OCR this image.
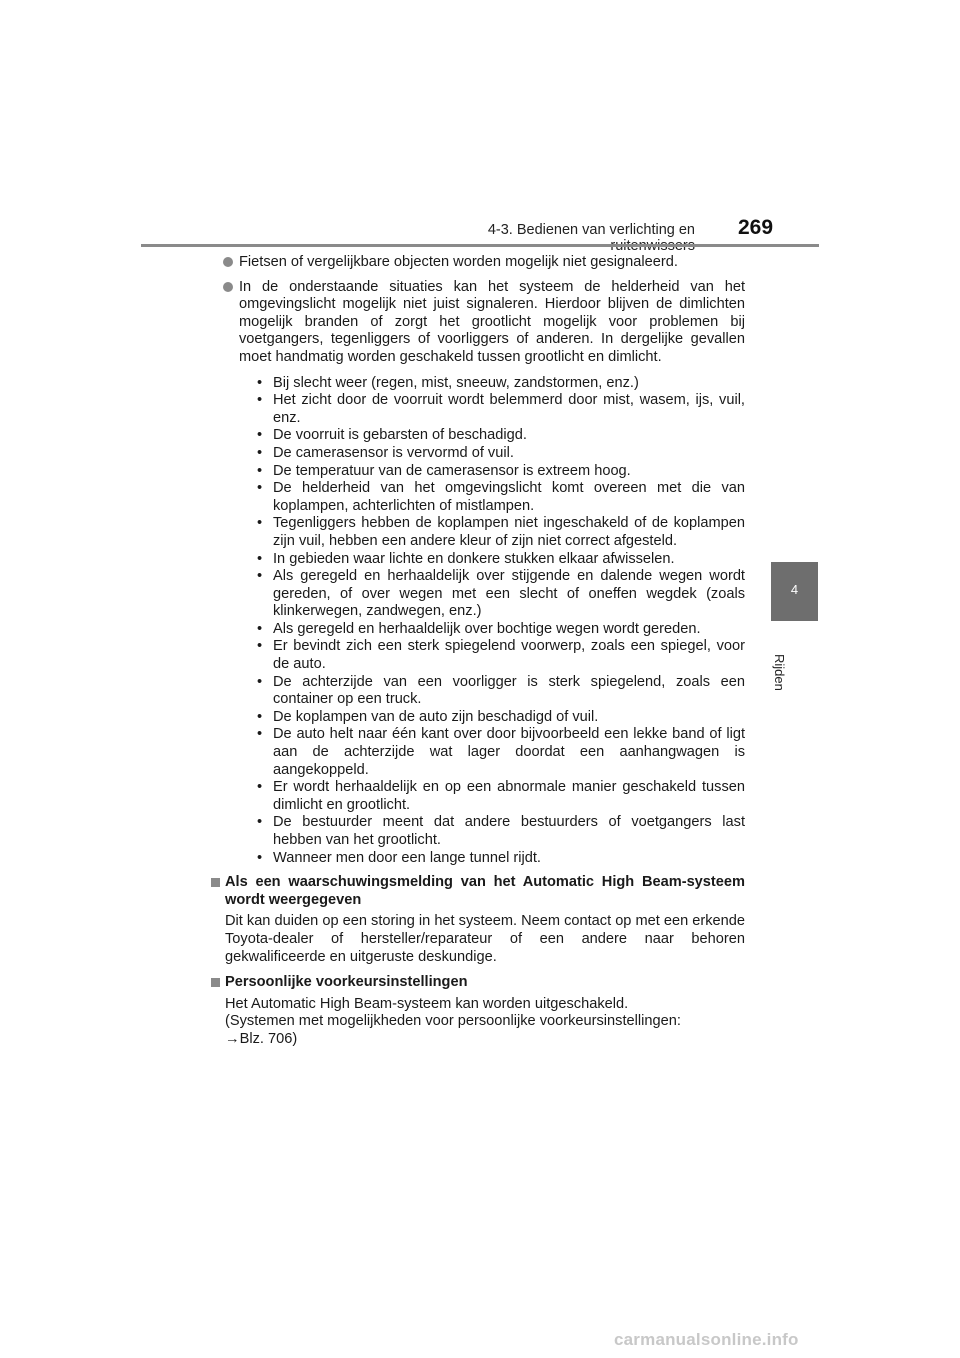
4-3. Bedienen van verlichting en 269
4
Rijden
Fietsen of vergelijkbare objecten worden mogelijk niet gesignaleerd.
In de onderstaande situaties kan het systeem de helderheid van het omgevingslicht mogelijk niet juist signaleren. Hierdoor blijven de dimlichten mogelijk branden of zorgt het grootlicht mogelijk voor problemen bij voetgangers, tegenliggers of voorliggers of anderen. In dergelijke gevallen moet handmatig worden geschakeld tussen grootlicht en dimlicht.
• Bij slecht weer (regen, mist, sneeuw, zandstormen, enz.)
• Het zicht door de voorruit wordt belemmerd door mist, wasem, ijs, vuil, enz.
• De voorruit is gebarsten of beschadigd.
• De camerasensor is vervormd of vuil.
• De temperatuur van de camerasensor is extreem hoog.
• De helderheid van het omgevingslicht komt overeen met die van koplampen, achterlichten of mistlampen.
• Tegenliggers hebben de koplampen niet ingeschakeld of de koplampen zijn vuil, hebben een andere kleur of zijn niet correct afgesteld.
• In gebieden waar lichte en donkere stukken elkaar afwisselen.
• Als geregeld en herhaaldelijk over stijgende en dalende wegen wordt gereden, of over wegen met een slecht of oneffen wegdek (zoals klinkerwegen, zandwegen, enz.)
• Als geregeld en herhaaldelijk over bochtige wegen wordt gereden.
• Er bevindt zich een sterk spiegelend voorwerp, zoals een spiegel, voor de auto.
• De achterzijde van een voorligger is sterk spiegelend, zoals een container op een truck.
• De koplampen van de auto zijn beschadigd of vuil.
• De auto helt naar één kant over door bijvoorbeeld een lekke band of ligt aan de achterzijde wat lager doordat een aanhangwagen is aangekoppeld.
• Er wordt herhaaldelijk en op een abnormale manier geschakeld tussen dimlicht en grootlicht.
• De bestuurder meent dat andere bestuurders of voetgangers last hebben van het grootlicht.
• Wanneer men door een lange tunnel rijdt.
Als een waarschuwingsmelding van het Automatic High Beam-systeem wordt weergegeven
Dit kan duiden op een storing in het systeem. Neem contact op met een erkende Toyota-dealer of hersteller/reparateur of een andere naar behoren gekwalificeerde en uitgeruste deskundige.
Persoonlijke voorkeursinstellingen
Het Automatic High Beam-systeem kan worden uitgeschakeld.
(Systemen met mogelijkheden voor persoonlijke voorkeursinstellingen:
→Blz. 706)
carmanualsonline.info
